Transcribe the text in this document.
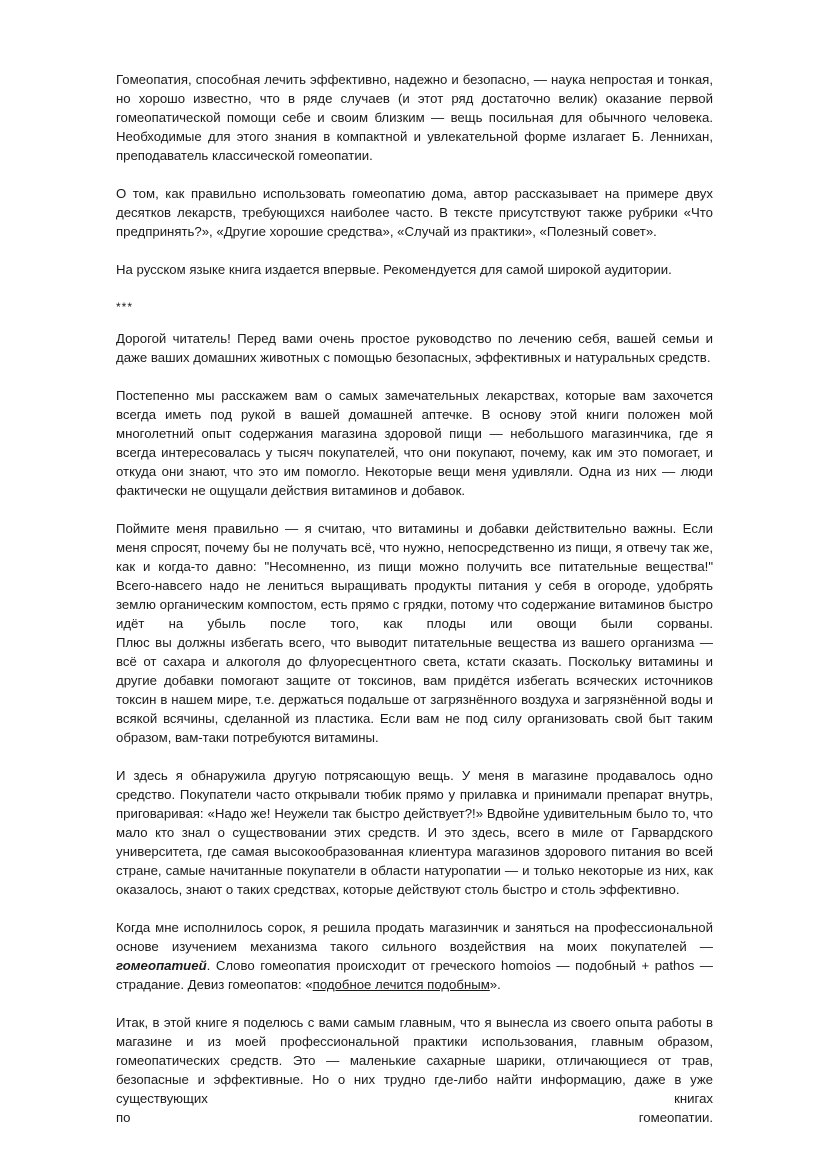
Гомеопатия, способная лечить эффективно, надежно и безопасно, — наука непростая и тонкая, но хорошо известно, что в ряде случаев (и этот ряд достаточно велик) оказание первой гомеопатической помощи себе и своим близким — вещь посильная для обычного человека. Необходимые для этого знания в компактной и увлекательной форме излагает Б. Леннихан, преподаватель классической гомеопатии.
О том, как правильно использовать гомеопатию дома, автор рассказывает на примере двух десятков лекарств, требующихся наиболее часто. В тексте присутствуют также рубрики «Что предпринять?», «Другие хорошие средства», «Случай из практики», «Полезный совет».
На русском языке книга издается впервые. Рекомендуется для самой широкой аудитории.
***
Дорогой читатель! Перед вами очень простое руководство по лечению себя, вашей семьи и даже ваших домашних животных с помощью безопасных, эффективных и натуральных средств.
Постепенно мы расскажем вам о самых замечательных лекарствах, которые вам захочется всегда иметь под рукой в вашей домашней аптечке. В основу этой книги положен мой многолетний опыт содержания магазина здоровой пищи — небольшого магазинчика, где я всегда интересовалась у тысяч покупателей, что они покупают, почему, как им это помогает, и откуда они знают, что это им помогло. Некоторые вещи меня удивляли. Одна из них — люди фактически не ощущали действия витаминов и добавок.
Поймите меня правильно — я считаю, что витамины и добавки действительно важны. Если меня спросят, почему бы не получать всё, что нужно, непосредственно из пищи, я отвечу так же, как и когда-то давно: "Несомненно, из пищи можно получить все питательные вещества!"
Всего-навсего надо не лениться выращивать продукты питания у себя в огороде, удобрять землю органическим компостом, есть прямо с грядки, потому что содержание витаминов быстро идёт на убыль после того, как плоды или овощи были сорваны.
Плюс вы должны избегать всего, что выводит питательные вещества из вашего организма — всё от сахара и алкоголя до флуоресцентного света, кстати сказать. Поскольку витамины и другие добавки помогают защите от токсинов, вам придётся избегать всяческих источников токсин в нашем мире, т.е. держаться подальше от загрязнённого воздуха и загрязнённой воды и всякой всячины, сделанной из пластика. Если вам не под силу организовать свой быт таким образом, вам-таки потребуются витамины.
И здесь я обнаружила другую потрясающую вещь. У меня в магазине продавалось одно средство. Покупатели часто открывали тюбик прямо у прилавка и принимали препарат внутрь, приговаривая: «Надо же! Неужели так быстро действует?!» Вдвойне удивительным было то, что мало кто знал о существовании этих средств. И это здесь, всего в миле от Гарвардского университета, где самая высокообразованная клиентура магазинов здорового питания во всей стране, самые начитанные покупатели в области натуропатии — и только некоторые из них, как оказалось, знают о таких средствах, которые действуют столь быстро и столь эффективно.
Когда мне исполнилось сорок, я решила продать магазинчик и заняться на профессиональной основе изучением механизма такого сильного воздействия на моих покупателей — гомеопатией. Слово гомеопатия происходит от греческого homoios — подобный + pathos — страдание. Девиз гомеопатов: «подобное лечится подобным».
Итак, в этой книге я поделюсь с вами самым главным, что я вынесла из своего опыта работы в магазине и из моей профессиональной практики использования, главным образом, гомеопатических средств. Это — маленькие сахарные шарики, отличающиеся от трав, безопасные и эффективные. Но о них трудно где-либо найти информацию, даже в уже существующих книгах
по	гомеопатии.
